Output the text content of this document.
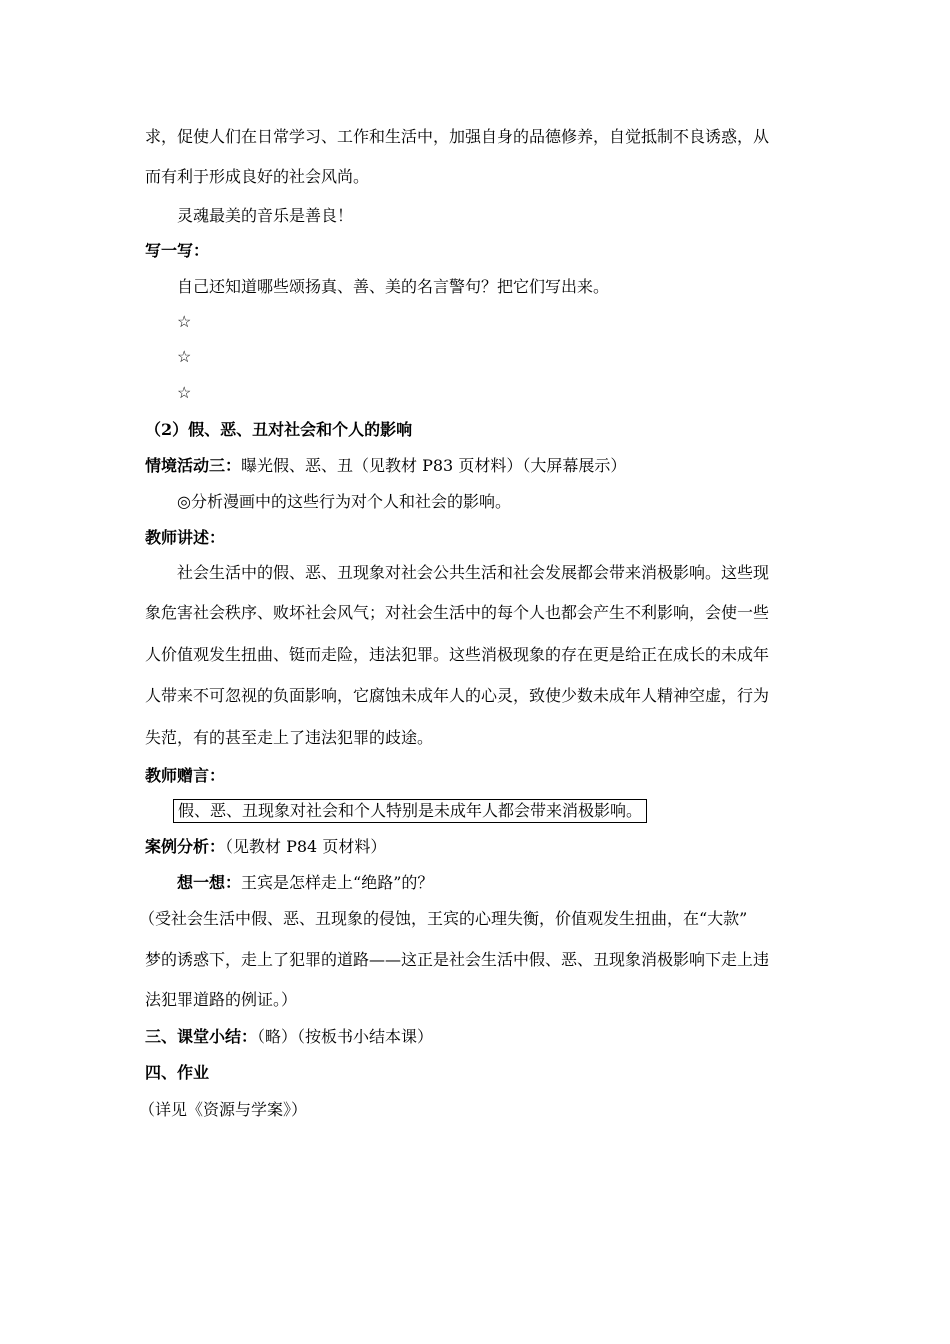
求，促使人们在日常学习、工作和生活中，加强自身的品德修养，自觉抵制不良诱惑，从
而有利于形成良好的社会风尚。
灵魂最美的音乐是善良！
写一写：
自己还知道哪些颂扬真、善、美的名言警句？把它们写出来。
☆
☆
☆
（2）假、恶、丑对社会和个人的影响
情境活动三：曝光假、恶、丑（见教材 P83 页材料）（大屏幕展示）
◎分析漫画中的这些行为对个人和社会的影响。
教师讲述：
社会生活中的假、恶、丑现象对社会公共生活和社会发展都会带来消极影响。这些现
象危害社会秩序、败坏社会风气；对社会生活中的每个人也都会产生不利影响，会使一些
人价值观发生扭曲、铤而走险，违法犯罪。这些消极现象的存在更是给正在成长的未成年
人带来不可忽视的负面影响，它腐蚀未成年人的心灵，致使少数未成年人精神空虚，行为
失范，有的甚至走上了违法犯罪的歧途。
教师赠言：
假、恶、丑现象对社会和个人特别是未成年人都会带来消极影响。
案例分析：（见教材 P84 页材料）
想一想：王宾是怎样走上“绝路”的？
（受社会生活中假、恶、丑现象的侵蚀，王宾的心理失衡，价值观发生扭曲，在“大款”
梦的诱惑下，走上了犯罪的道路——这正是社会生活中假、恶、丑现象消极影响下走上违
法犯罪道路的例证。）
三、课堂小结：（略）（按板书小结本课）
四、作业
（详见《资源与学案》）
